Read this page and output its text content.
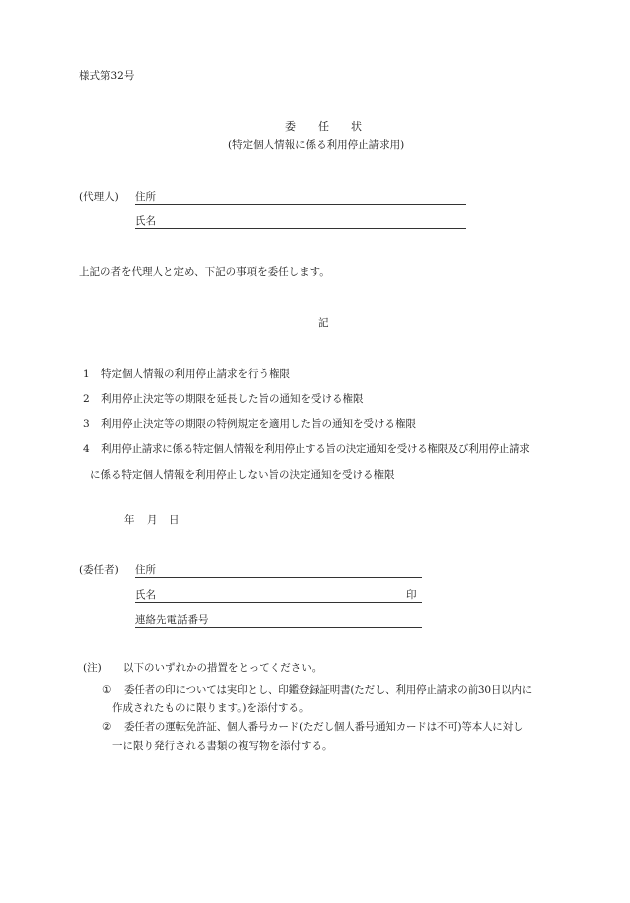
様式第32号
委 任 状
(特定個人情報に係る利用停止請求用)
(代理人) 住所
氏名
上記の者を代理人と定め、下記の事項を委任します。
記
1 特定個人情報の利用停止請求を行う権限
2 利用停止決定等の期限を延長した旨の通知を受ける権限
3 利用停止決定等の期限の特例規定を適用した旨の通知を受ける権限
4 利用停止請求に係る特定個人情報を利用停止する旨の決定通知を受ける権限及び利用停止請求
に係る特定個人情報を利用停止しない旨の決定通知を受ける権限
年 月 日
(委任者) 住所
氏名	印
連絡先電話番号
(注) 以下のいずれかの措置をとってください。
① 委任者の印については実印とし、印鑑登録証明書(ただし、利用停止請求の前30日以内に
作成されたものに限ります。)を添付する。
② 委任者の運転免許証、個人番号カード(ただし個人番号通知カードは不可)等本人に対し
一に限り発行される書類の複写物を添付する。
